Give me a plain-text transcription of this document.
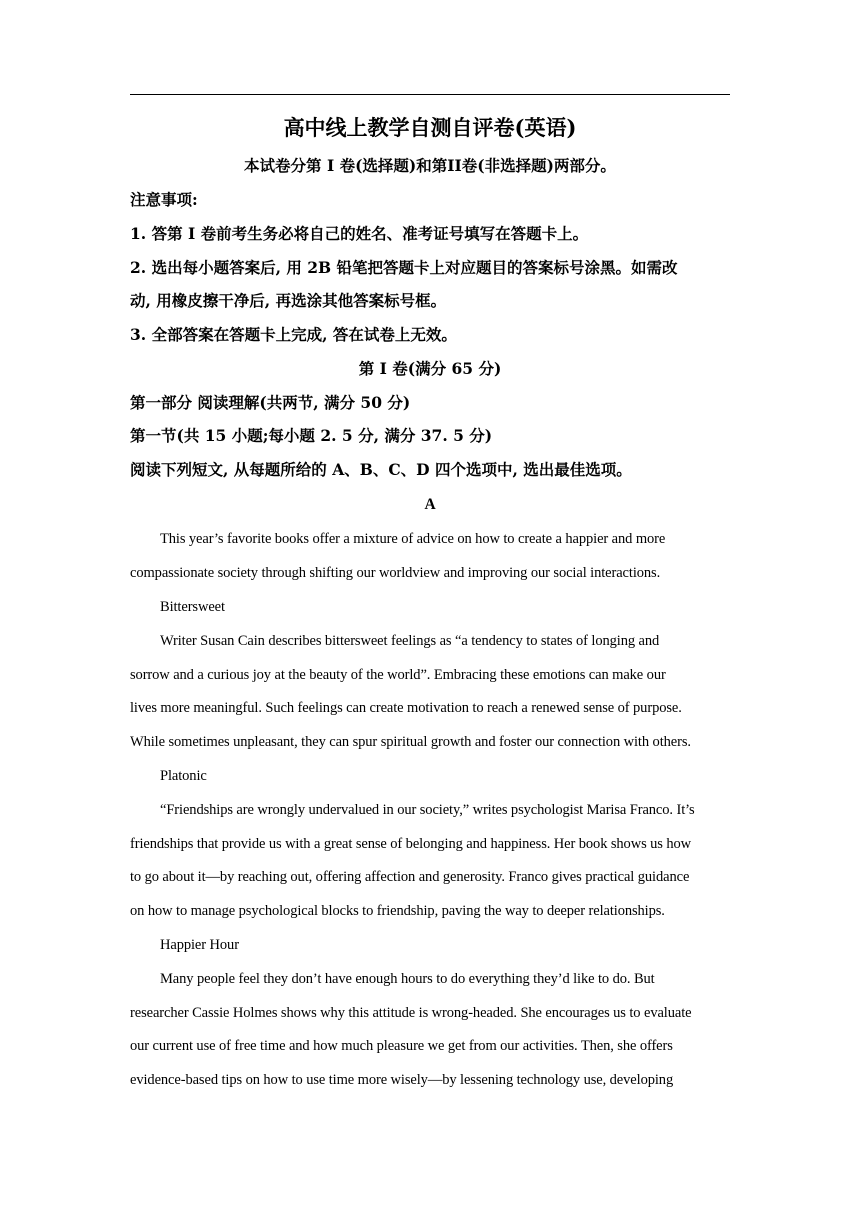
高中线上教学自测自评卷(英语)
本试卷分第 I 卷(选择题)和第II卷(非选择题)两部分。
注意事项:
1. 答第 I 卷前考生务必将自己的姓名、准考证号填写在答题卡上。
2. 选出每小题答案后, 用 2B 铅笔把答题卡上对应题目的答案标号涂黑。如需改
动, 用橡皮擦干净后, 再选涂其他答案标号框。
3. 全部答案在答题卡上完成, 答在试卷上无效。
第 I 卷(满分 65 分)
第一部分 阅读理解(共两节, 满分 50 分)
第一节(共 15 小题;每小题 2. 5 分, 满分 37. 5 分)
阅读下列短文, 从每题所给的 A、B、C、D 四个选项中, 选出最佳选项。
A
This year’s favorite books offer a mixture of advice on how to create a happier and more
compassionate society through shifting our worldview and improving our social interactions.
Bittersweet
Writer Susan Cain describes bittersweet feelings as “a tendency to states of longing and
sorrow and a curious joy at the beauty of the world”. Embracing these emotions can make our
lives more meaningful. Such feelings can create motivation to reach a renewed sense of purpose.
While sometimes unpleasant, they can spur spiritual growth and foster our connection with others.
Platonic
“Friendships are wrongly undervalued in our society,” writes psychologist Marisa Franco. It’s
friendships that provide us with a great sense of belonging and happiness. Her book shows us how
to go about it—by reaching out, offering affection and generosity. Franco gives practical guidance
on how to manage psychological blocks to friendship, paving the way to deeper relationships.
Happier Hour
Many people feel they don’t have enough hours to do everything they’d like to do. But
researcher Cassie Holmes shows why this attitude is wrong-headed. She encourages us to evaluate
our current use of free time and how much pleasure we get from our activities. Then, she offers
evidence-based tips on how to use time more wisely—by lessening technology use, developing
